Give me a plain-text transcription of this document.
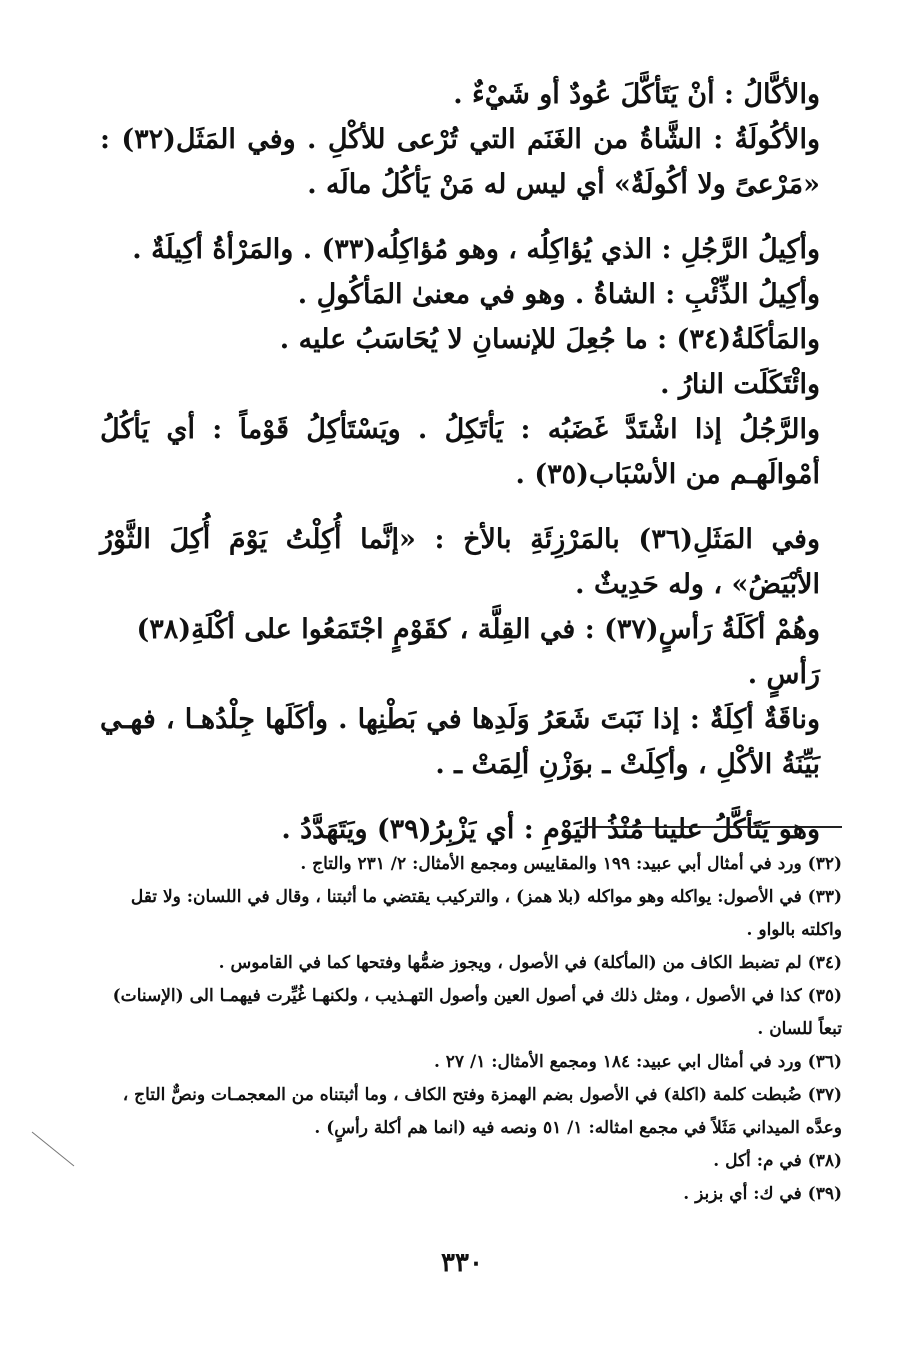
والأكَّالُ : أنْ يَتَأكَّلَ عُودٌ أو شَيْءٌ .

والأكُولَةُ : الشَّاةُ من الغَنَم التي تُرْعى للأكْلِ . وفي المَثَل(٣٢) : «مَرْعىً ولا أكُولَةٌ» أي ليس له مَنْ يَأكُلُ مالَه .

وأكِيلُ الرَّجُلِ : الذي يُؤاكِلُه ، وهو مُؤاكِلُه(٣٣) . والمَرْأةُ أكِيلَةٌ .

وأكِيلُ الذِّئْبِ : الشاةُ . وهو في معنىٰ المَأكُولِ .

والمَأكَلةُ(٣٤) : ما جُعِلَ للإنسانِ لا يُحَاسَبُ عليه .

وائْتَكَلَت النارُ .

والرَّجُلُ إذا اشْتَدَّ غَضَبُه : يَأتَكِلُ . ويَسْتَأكِلُ قَوْماً : أي يَأكُلُ أمْوالَهـم من الأسْبَاب(٣٥) .

وفي المَثَلِ(٣٦) بالمَرْزِئَةِ بالأخ : «إنَّما أُكِلْتُ يَوْمَ أُكِلَ الثَّوْرُ الأبْيَضُ» ، وله حَدِيثٌ .

وهُمْ أكَلَةُ رَأسٍ(٣٧) : في القِلَّة ، كقَوْمٍ اجْتَمَعُوا على أكْلَةِ(٣٨) رَأسٍ .

وناقَةٌ أكِلَةٌ : إذا نَبَتَ شَعَرُ وَلَدِها في بَطْنِها . وأكَلَها جِلْدُهـا ، فهـي بَيِّنَةُ الأكْلِ ، وأكِلَتْ ـ بوَزْنِ ألِمَتْ ـ .

وهو يَتَأكَّلُ علينا مُنْذُ اليَوْمِ : أي يَزْبِرُ(٣٩) ويَتَهَدَّدُ .

(٣٢) ورد في أمثال أبي عبيد: ١٩٩ والمقاييس ومجمع الأمثال: ٢/ ٢٣١ والتاج .

(٣٣) في الأصول: يواكله وهو مواكله (بلا همز) ، والتركيب يقتضي ما أثبتنا ، وقال في اللسان: ولا تقل واكلته بالواو .

(٣٤) لم تضبط الكاف من (المأكلة) في الأصول ، ويجوز ضمُّها وفتحها كما في القاموس .

(٣٥) كذا في الأصول ، ومثل ذلك في أصول العين وأصول التهـذيب ، ولكنهـا غُيِّرت فيهمـا الى (الإسنات) تبعاً للسان .

(٣٦) ورد في أمثال ابي عبيد: ١٨٤ ومجمع الأمثال: ١/ ٢٧ .

(٣٧) ضُبطت كلمة (اكلة) في الأصول بضم الهمزة وفتح الكاف ، وما أثبتناه من المعجمـات ونصٌّ التاج ، وعدَّه الميداني مَثَلاً في مجمع امثاله: ١/ ٥١ ونصه فيه (انما هم أكلة رأسٍ) .

(٣٨) في م: أكل .

(٣٩) في ك: أي بزبز .

٣٣٠
